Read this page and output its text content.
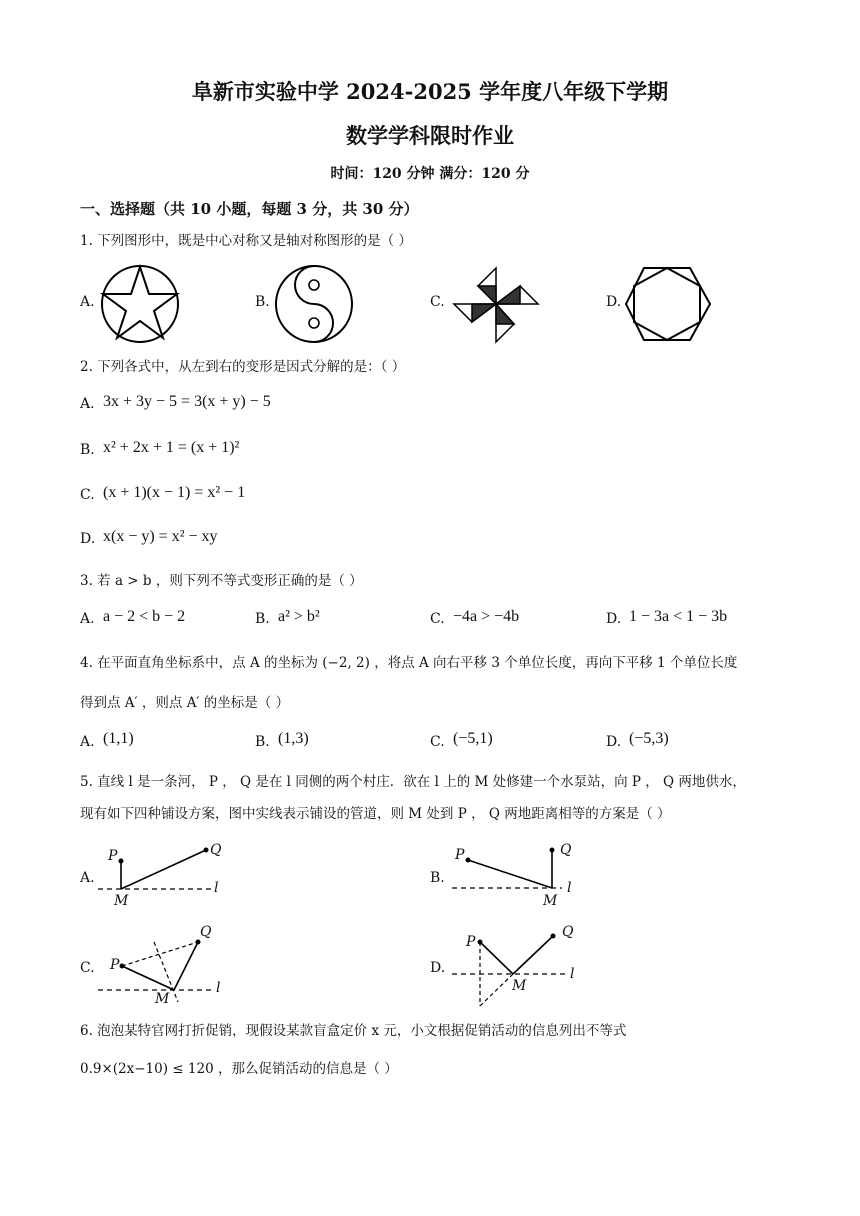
阜新市实验中学 2024-2025 学年度八年级下学期
数学学科限时作业
时间：120 分钟 满分：120 分
一、选择题（共 10 小题，每题 3 分，共 30 分）
1. 下列图形中，既是中心对称又是轴对称图形的是（ ）
A.	B.	C.	D.
2. 下列各式中，从左到右的变形是因式分解的是：（ ）
A. 3x + 3y − 5 = 3(x + y) − 5
B. x² + 2x + 1 = (x + 1)²
C. (x + 1)(x − 1) = x² − 1
D. x(x − y) = x² − xy
3. 若 a > b ，则下列不等式变形正确的是（ ）
A. a − 2 < b − 2	B. a² > b²	C. −4a > −4b	D. 1 − 3a < 1 − 3b
4. 在平面直角坐标系中，点 A 的坐标为 (−2, 2) ，将点 A 向右平移 3 个单位长度，再向下平移 1 个单位长度
得到点 A′ ，则点 A′ 的坐标是（ ）
A. (1,1)	B. (1,3)	C. (−5,1)	D. (−5,3)
5. 直线 l 是一条河， P ， Q 是在 l 同侧的两个村庄．欲在 l 上的 M 处修建一个水泵站，向 P ， Q 两地供水，
现有如下四种铺设方案，图中实线表示铺设的管道，则 M 处到 P ， Q 两地距离相等的方案是（ ）
A.
P	Q
M
l
B.
P	Q
M
l
C. P
Q
M
l
D.
P
Q
M
l
6. 泡泡某特官网打折促销，现假设某款盲盒定价 x 元，小文根据促销活动的信息列出不等式
0.9×(2x−10) ≤ 120 ，那么促销活动的信息是（ ）
